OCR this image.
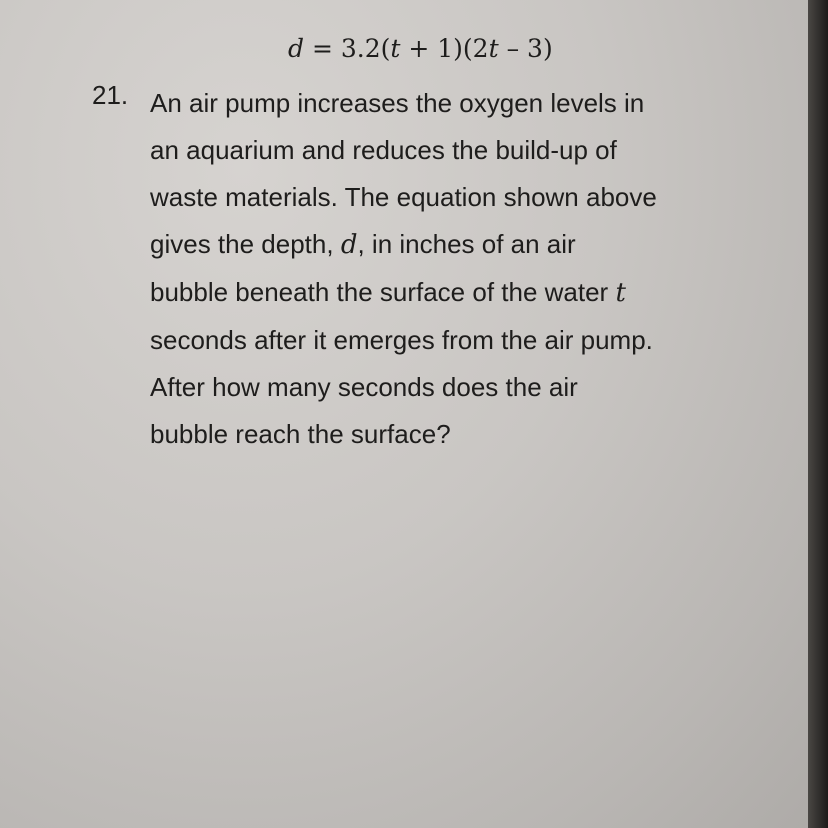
d = 3.2(t + 1)(2t – 3)
21. An air pump increases the oxygen levels in
an aquarium and reduces the build-up of
waste materials. The equation shown above
gives the depth, d, in inches of an air
bubble beneath the surface of the water t
seconds after it emerges from the air pump.
After how many seconds does the air
bubble reach the surface?
